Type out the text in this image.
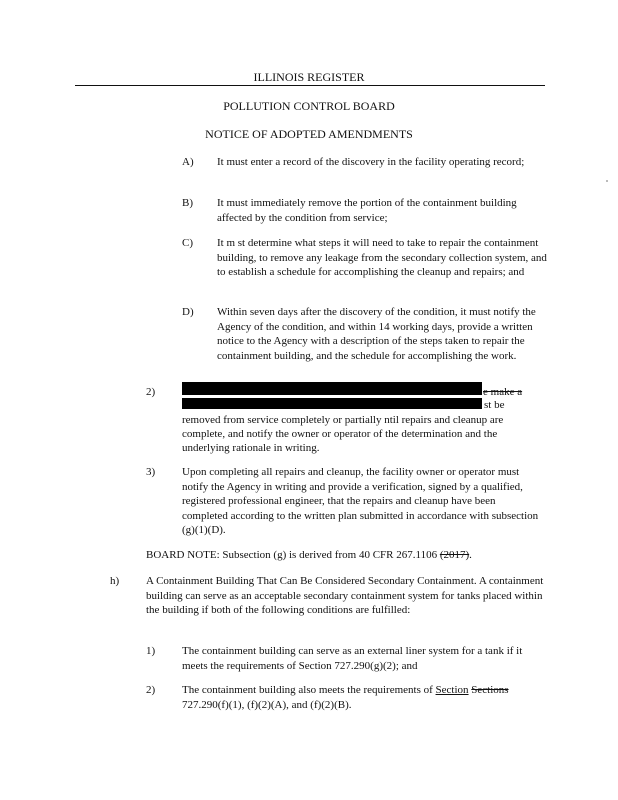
ILLINOIS REGISTER
POLLUTION CONTROL BOARD
NOTICE OF ADOPTED AMENDMENTS
A) It must enter a record of the discovery in the facility operating record;
B) It must immediately remove the portion of the containment building affected by the condition from service;
C) It m st determine what steps it will need to take to repair the containment building, to remove any leakage from the secondary collection system, and to establish a schedule for accomplishing the cleanup and repairs; and
D) Within seven days after the discovery of the condition, it must notify the Agency of the condition, and within 14 working days, provide a written notice to the Agency with a description of the steps taken to repair the containment building, and the schedule for accomplishing the work.
2)	e make a
st be
removed from service completely or partially ntil repairs and cleanup are
complete, and notify the owner or operator of the determination and the
underlying rationale in writing.
3) Upon completing all repairs and cleanup, the facility owner or operator must notify the Agency in writing and provide a verification, signed by a qualified, registered professional engineer, that the repairs and cleanup have been completed according to the written plan submitted in accordance with subsection (g)(1)(D).
BOARD NOTE: Subsection (g) is derived from 40 CFR 267.1106 (2017).
h) A Containment Building That Can Be Considered Secondary Containment. A containment building can serve as an acceptable secondary containment system for tanks placed within the building if both of the following conditions are fulfilled:
1) The containment building can serve as an external liner system for a tank if it meets the requirements of Section 727.290(g)(2); and
2) The containment building also meets the requirements of Section Sections 727.290(f)(1), (f)(2)(A), and (f)(2)(B).
